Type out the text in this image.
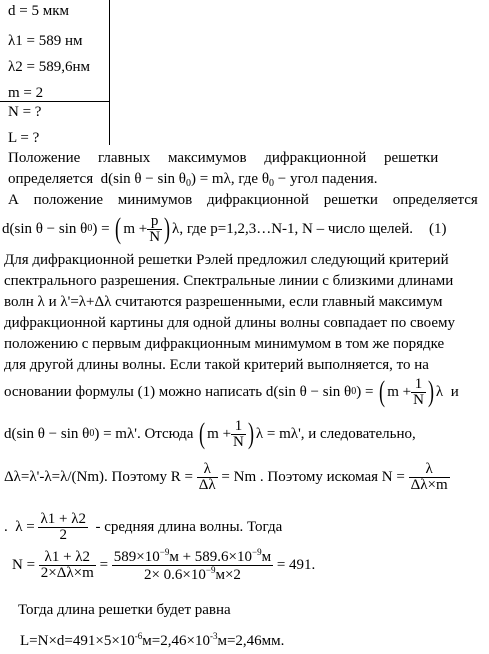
d = 5 мкм
λ1 = 589 нм
λ2 = 589,6нм
m = 2
N = ?
L = ?
Положение главных максимумов дифракционной решетки
определяется d(sin $\theta - \sin \theta_0) = m\lambda$, где $\theta_0$ − угол падения.
А положение минимумов дифракционной решетки определяется
d(sin θ − sin θ 0 ) =
( $m + \frac{p}{N}$ ) λ, где p=1,2,3…N-1, N – число щелей. (1)
Для дифракционной решетки Рэлей предложил следующий критерий
спектрального разрешения. Спектральные линии с близкими длинами
волн λ и λ'=λ+Δλ считаются разрешенными, если главный максимум
дифракционной картины для одной длины волны совпадает по своему
положению с первым дифракционным минимумом в том же порядке
для другой длины волны. Если такой критерий выполняется, то на
основании формулы (1) можно написать
d(sin θ − sin θ 0 ) =
( $m + \frac{1}{N}$ ) λ
и
d(sin θ − sin θ 0 ) = mλ'. Отсюда
( $m + \frac{1}{N}$ ) λ = mλ', и следовательно,
Δλ=λ'-λ=λ/(Nm). Поэтому R =
$\frac{\lambda}{\Delta\lambda}$
= Nm . Поэтому искомая
N =
$\frac{\lambda}{\Delta\lambda\times m}$
.
λ =
$\frac{\lambda 1 + \lambda 2}{2}$
- средняя длина волны. Тогда
N =
$\frac{\lambda 1 + \lambda 2}{2\times\Delta\lambda\times m}$
=
$\frac{589\times 10^{-9}м + 589.6\times 10^{-9}м}{2\times 0.6\times 10^{-9}м\times 2}$
= 491.
Тогда длина решетки будет равна
$L=N\times d=491\times 5\times 10^{-6}м=2,46\times 10^{-3}м=2,46мм$.
